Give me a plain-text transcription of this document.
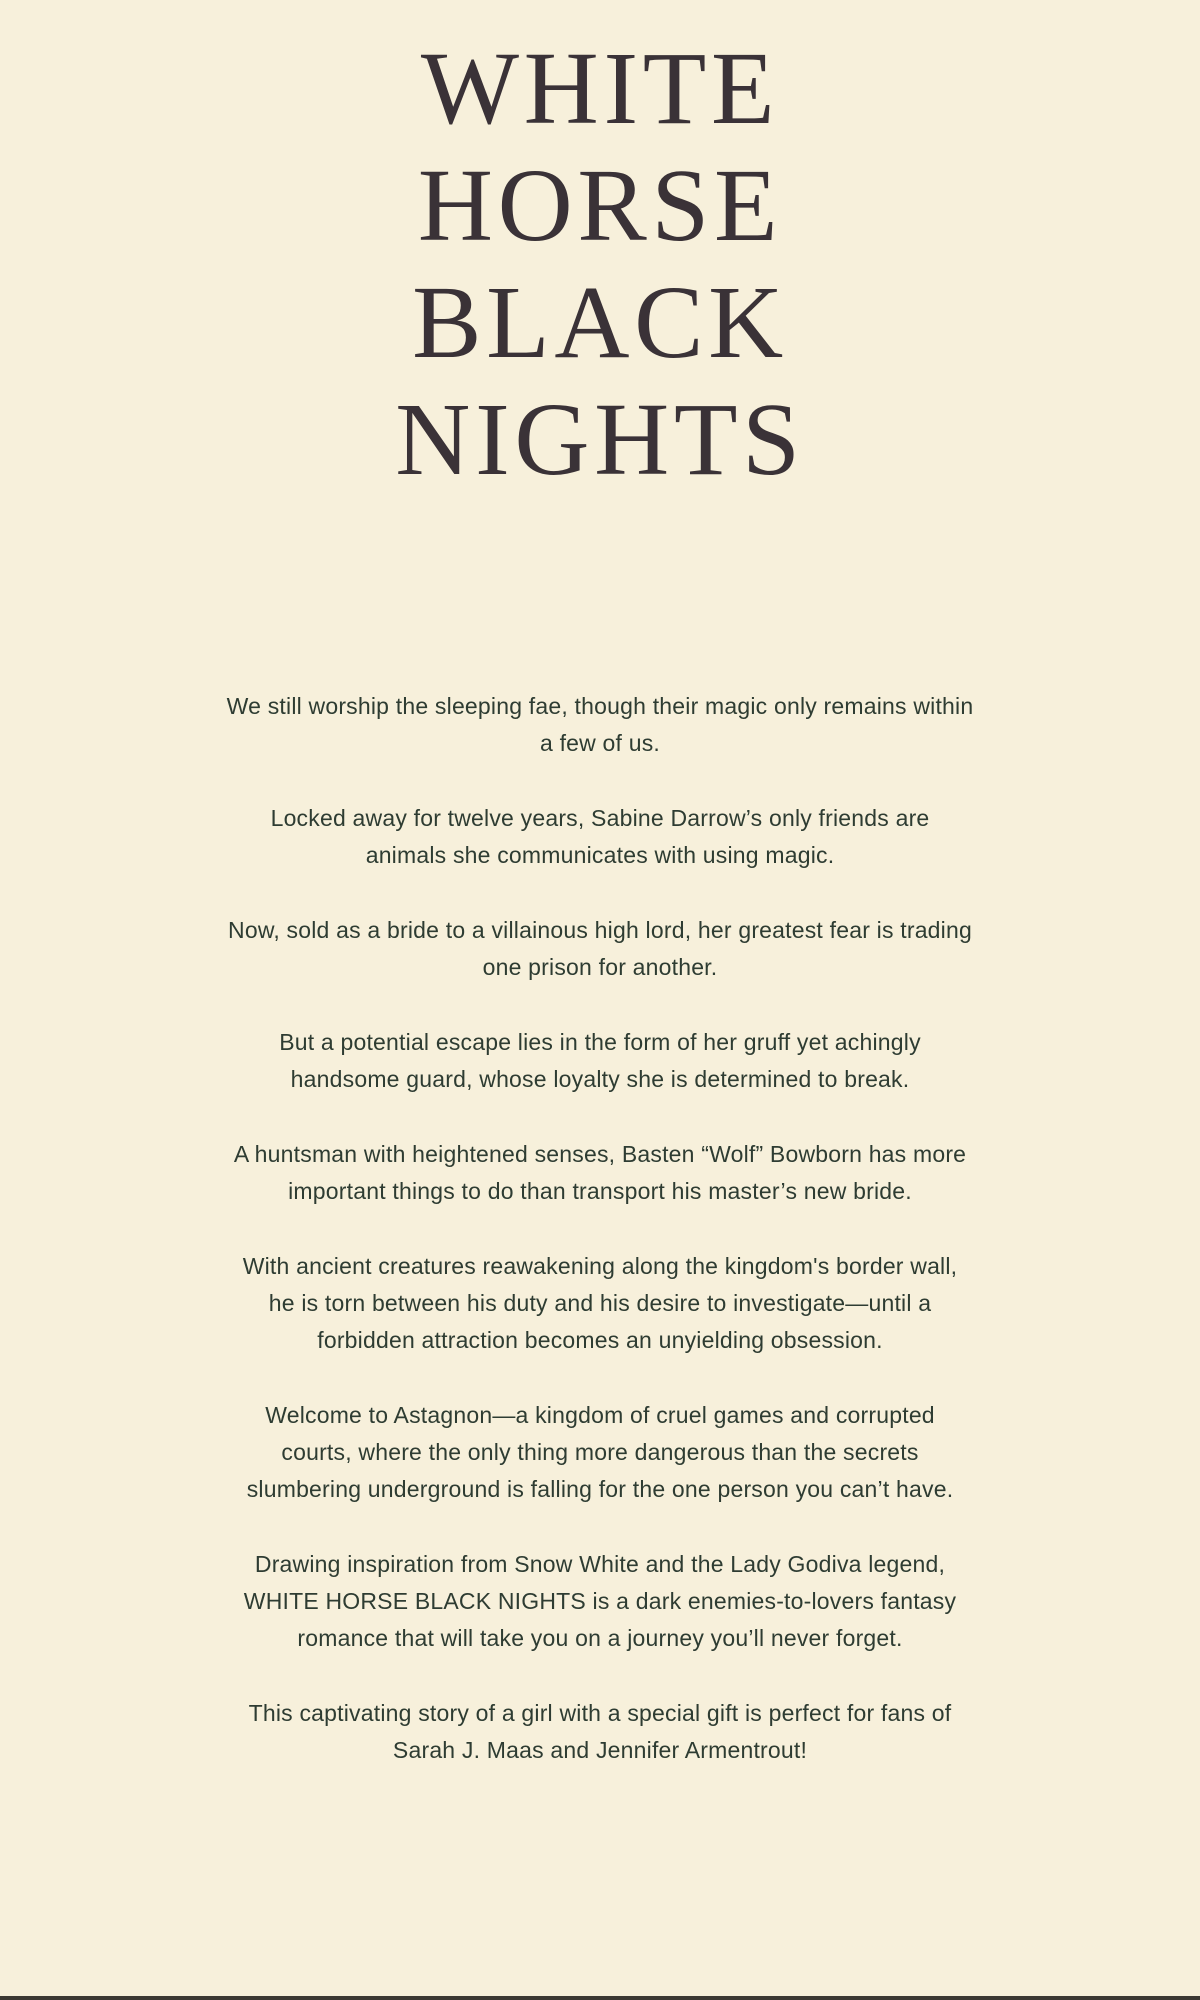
WHITE
HORSE
BLACK
NIGHTS
We still worship the sleeping fae, though their magic only remains within
a few of us.
Locked away for twelve years, Sabine Darrow’s only friends are
animals she communicates with using magic.
Now, sold as a bride to a villainous high lord, her greatest fear is trading
one prison for another.
But a potential escape lies in the form of her gruff yet achingly
handsome guard, whose loyalty she is determined to break.
A huntsman with heightened senses, Basten “Wolf” Bowborn has more
important things to do than transport his master’s new bride.
With ancient creatures reawakening along the kingdom's border wall,
he is torn between his duty and his desire to investigate—until a
forbidden attraction becomes an unyielding obsession.
Welcome to Astagnon—a kingdom of cruel games and corrupted
courts, where the only thing more dangerous than the secrets
slumbering underground is falling for the one person you can’t have.
Drawing inspiration from Snow White and the Lady Godiva legend,
WHITE HORSE BLACK NIGHTS is a dark enemies-to-lovers fantasy
romance that will take you on a journey you’ll never forget.
This captivating story of a girl with a special gift is perfect for fans of
Sarah J. Maas and Jennifer Armentrout!
